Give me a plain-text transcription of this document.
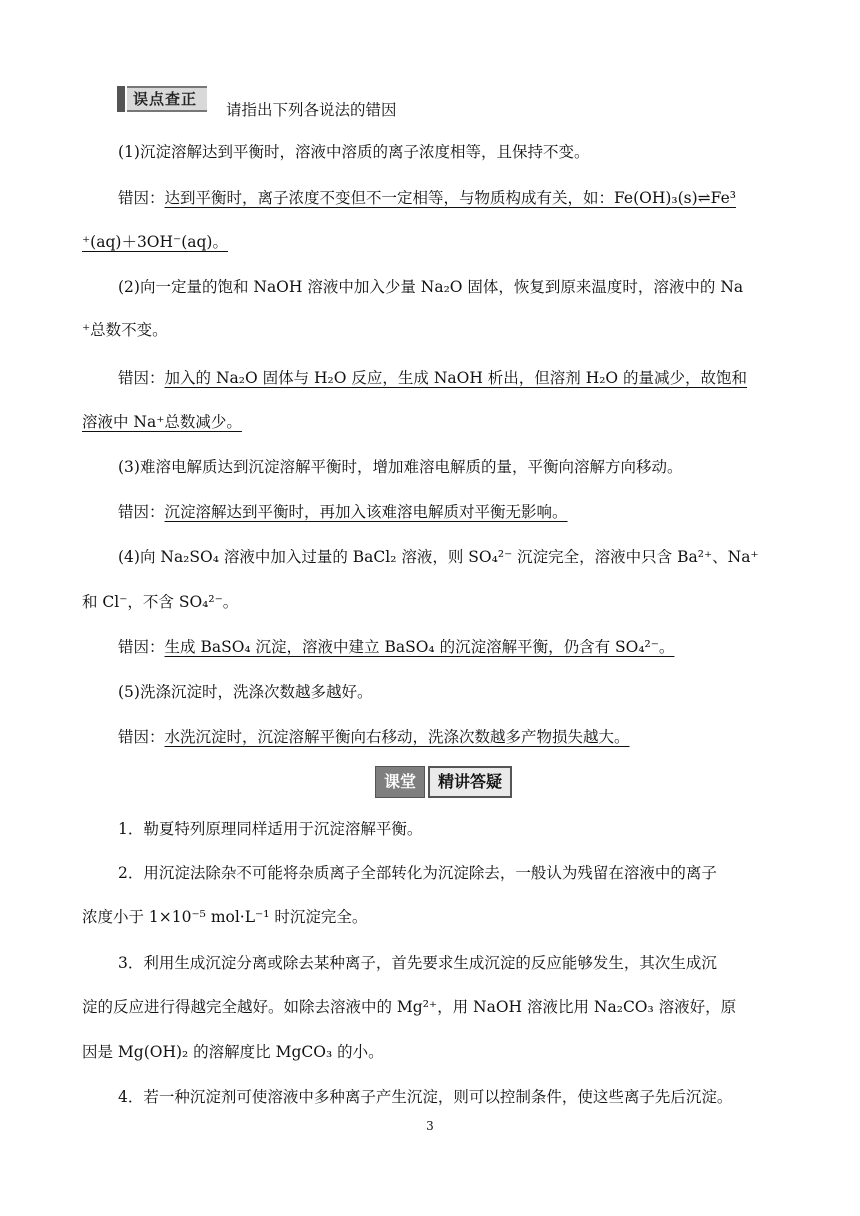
误点查正
请指出下列各说法的错因
(1)沉淀溶解达到平衡时，溶液中溶质的离子浓度相等，且保持不变。
错因：达到平衡时，离子浓度不变但不一定相等，与物质构成有关，如：Fe(OH)₃(s)⇌Fe³
⁺(aq)＋3OH⁻(aq)。
(2)向一定量的饱和 NaOH 溶液中加入少量 Na₂O 固体，恢复到原来温度时，溶液中的 Na
⁺总数不变。
错因：加入的 Na₂O 固体与 H₂O 反应，生成 NaOH 析出，但溶剂 H₂O 的量减少，故饱和
溶液中 Na⁺总数减少。
(3)难溶电解质达到沉淀溶解平衡时，增加难溶电解质的量，平衡向溶解方向移动。
错因：沉淀溶解达到平衡时，再加入该难溶电解质对平衡无影响。
(4)向 Na₂SO₄ 溶液中加入过量的 BaCl₂ 溶液，则 SO₄²⁻ 沉淀完全，溶液中只含 Ba²⁺、Na⁺
和 Cl⁻，不含 SO₄²⁻。
错因：生成 BaSO₄ 沉淀，溶液中建立 BaSO₄ 的沉淀溶解平衡，仍含有 SO₄²⁻。
(5)洗涤沉淀时，洗涤次数越多越好。
错因：水洗沉淀时，沉淀溶解平衡向右移动，洗涤次数越多产物损失越大。
课堂	精讲答疑
1．勒夏特列原理同样适用于沉淀溶解平衡。
2．用沉淀法除杂不可能将杂质离子全部转化为沉淀除去，一般认为残留在溶液中的离子
浓度小于 1×10⁻⁵ mol·L⁻¹ 时沉淀完全。
3．利用生成沉淀分离或除去某种离子，首先要求生成沉淀的反应能够发生，其次生成沉
淀的反应进行得越完全越好。如除去溶液中的 Mg²⁺，用 NaOH 溶液比用 Na₂CO₃ 溶液好，原
因是 Mg(OH)₂ 的溶解度比 MgCO₃ 的小。
4．若一种沉淀剂可使溶液中多种离子产生沉淀，则可以控制条件，使这些离子先后沉淀。
3
